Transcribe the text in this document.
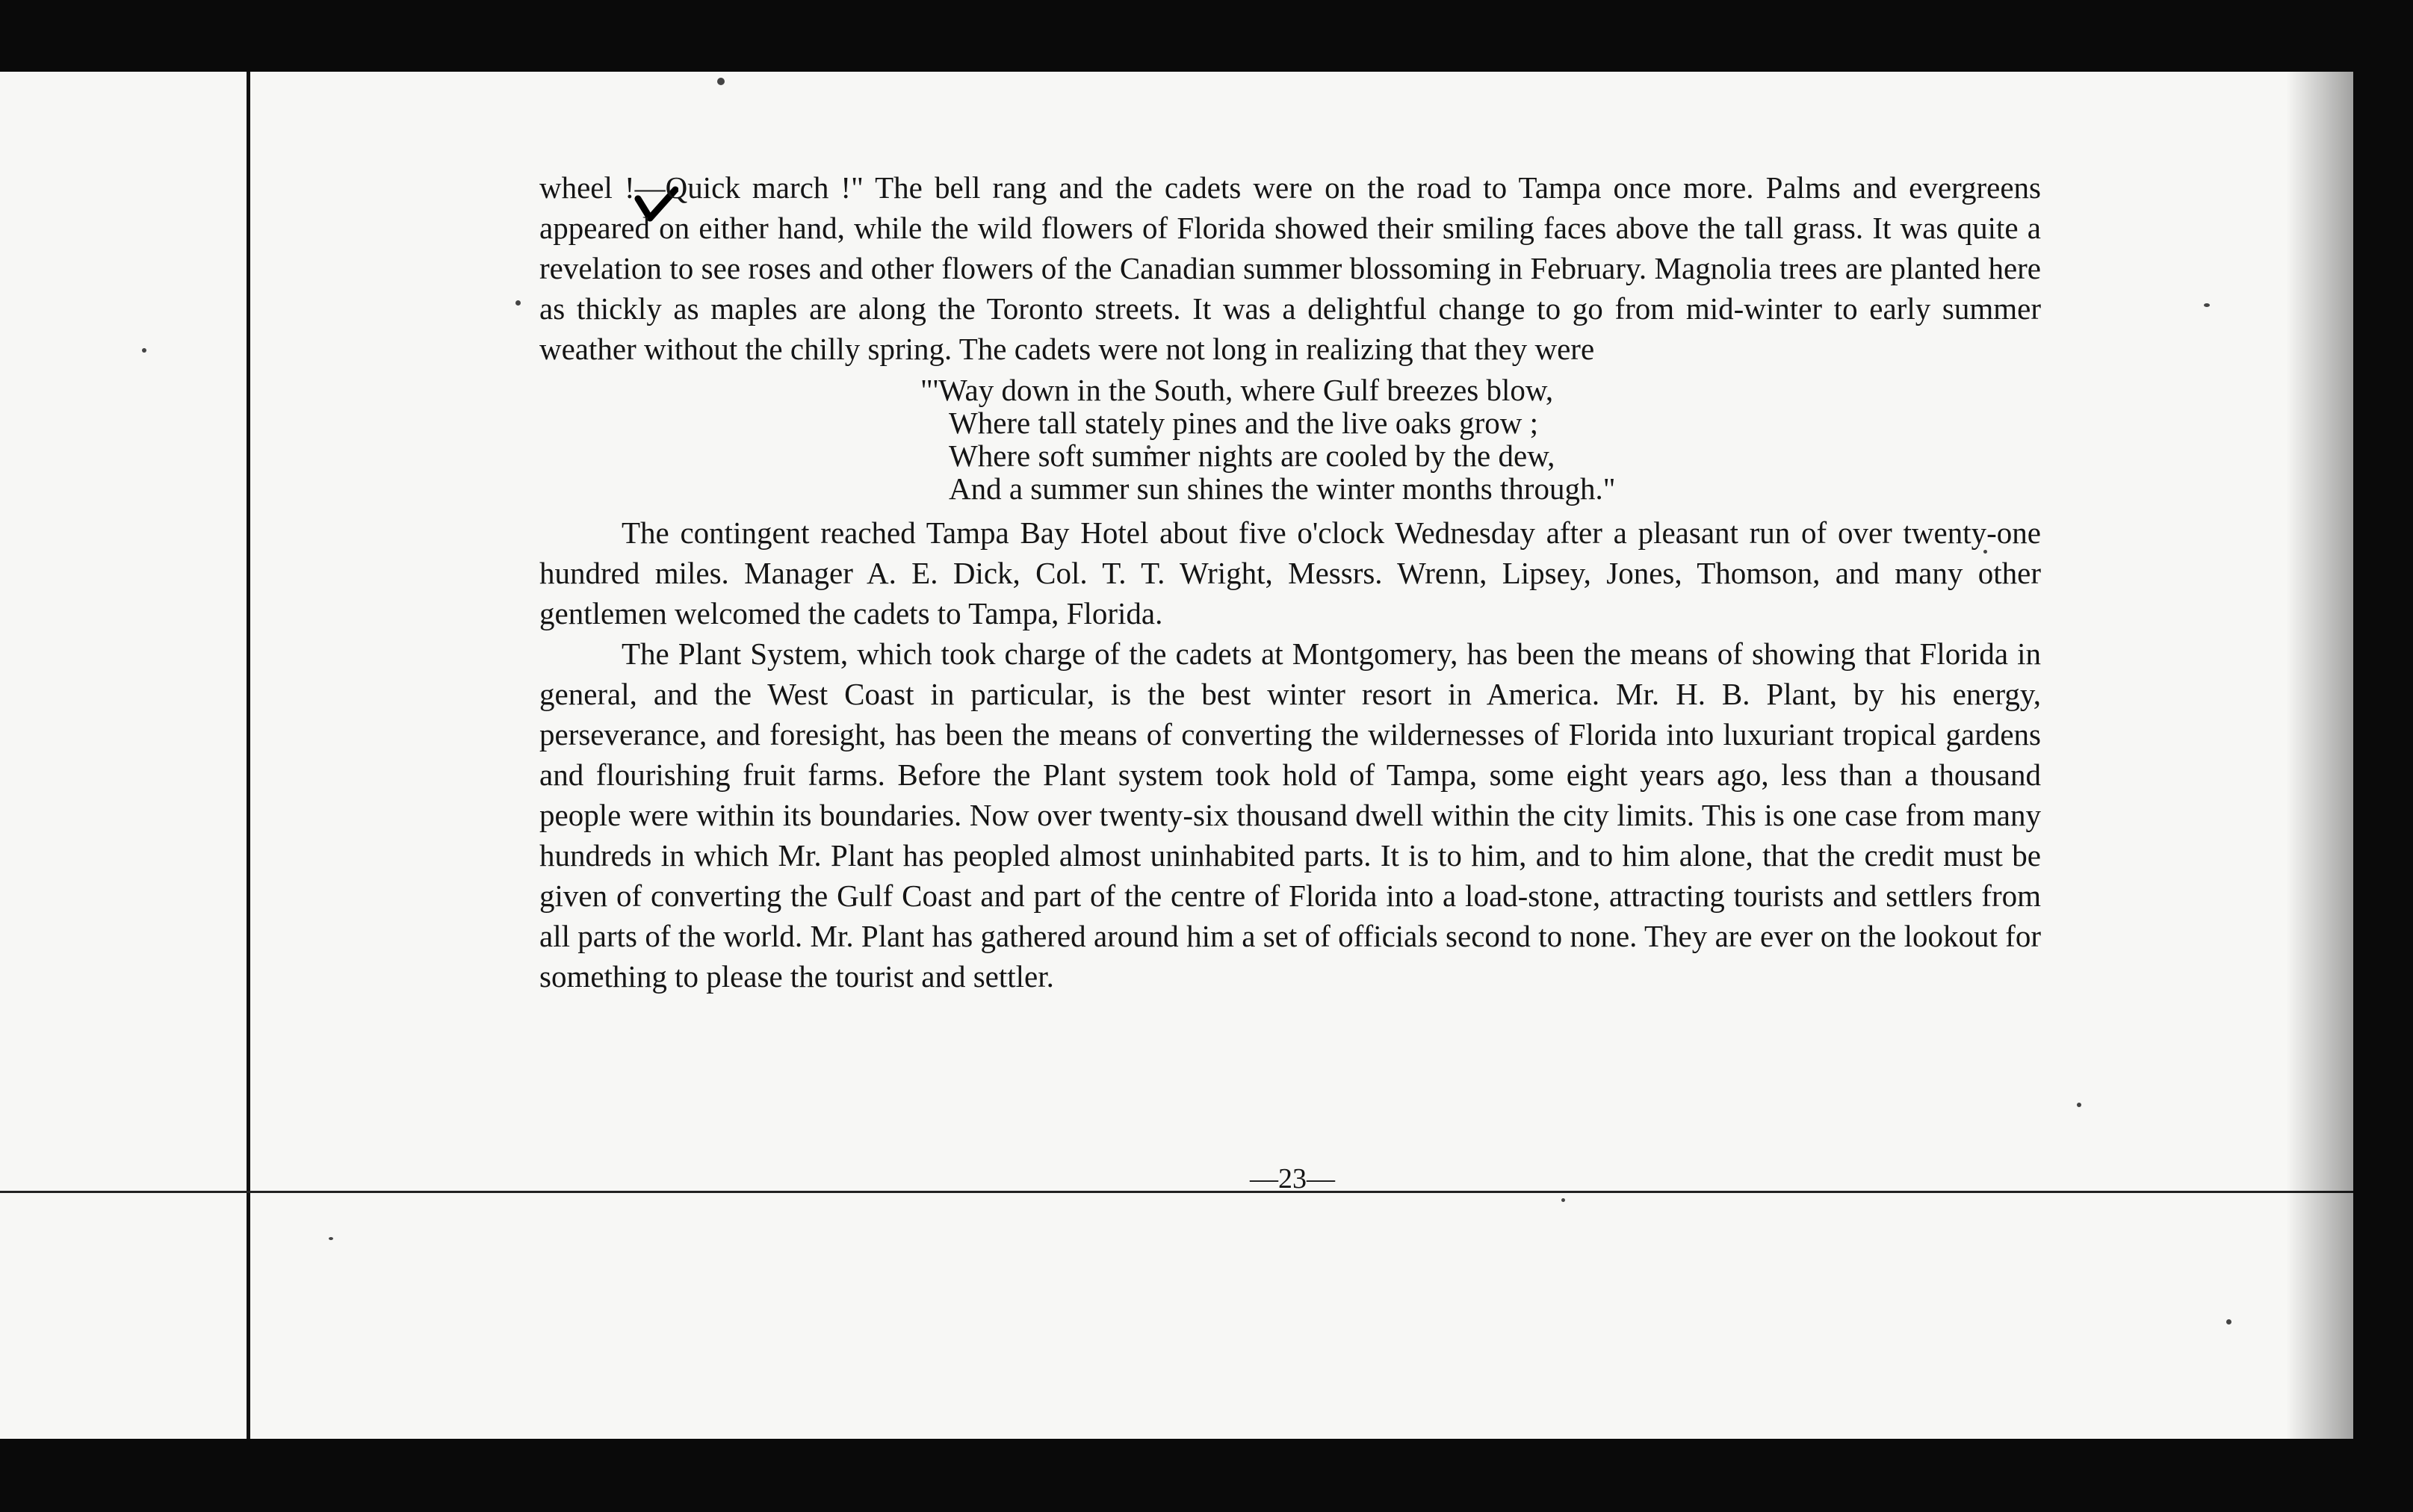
wheel !—Quick march !" The bell rang and the cadets were on the road to Tampa once more. Palms and evergreens appeared on either hand, while the wild flowers of Florida showed their smiling faces above the tall grass. It was quite a revelation to see roses and other flowers of the Canadian summer blossoming in February. Magnolia trees are planted here as thickly as maples are along the Toronto streets. It was a delightful change to go from mid-winter to early summer weather without the chilly spring. The cadets were not long in realizing that they were

"'Way down in the South, where Gulf breezes blow,
Where tall stately pines and the live oaks grow ;
Where soft summer nights are cooled by the dew,
And a summer sun shines the winter months through."

The contingent reached Tampa Bay Hotel about five o'clock Wednesday after a pleasant run of over twenty-one hundred miles. Manager A. E. Dick, Col. T. T. Wright, Messrs. Wrenn, Lipsey, Jones, Thomson, and many other gentlemen welcomed the cadets to Tampa, Florida.

The Plant System, which took charge of the cadets at Montgomery, has been the means of showing that Florida in general, and the West Coast in particular, is the best winter resort in America. Mr. H. B. Plant, by his energy, perseverance, and foresight, has been the means of converting the wildernesses of Florida into luxuriant tropical gardens and flourishing fruit farms. Before the Plant system took hold of Tampa, some eight years ago, less than a thousand people were within its boundaries. Now over twenty-six thousand dwell within the city limits. This is one case from many hundreds in which Mr. Plant has peopled almost uninhabited parts. It is to him, and to him alone, that the credit must be given of converting the Gulf Coast and part of the centre of Florida into a load-stone, attracting tourists and settlers from all parts of the world. Mr. Plant has gathered around him a set of officials second to none. They are ever on the lookout for something to please the tourist and settler.

—23—
